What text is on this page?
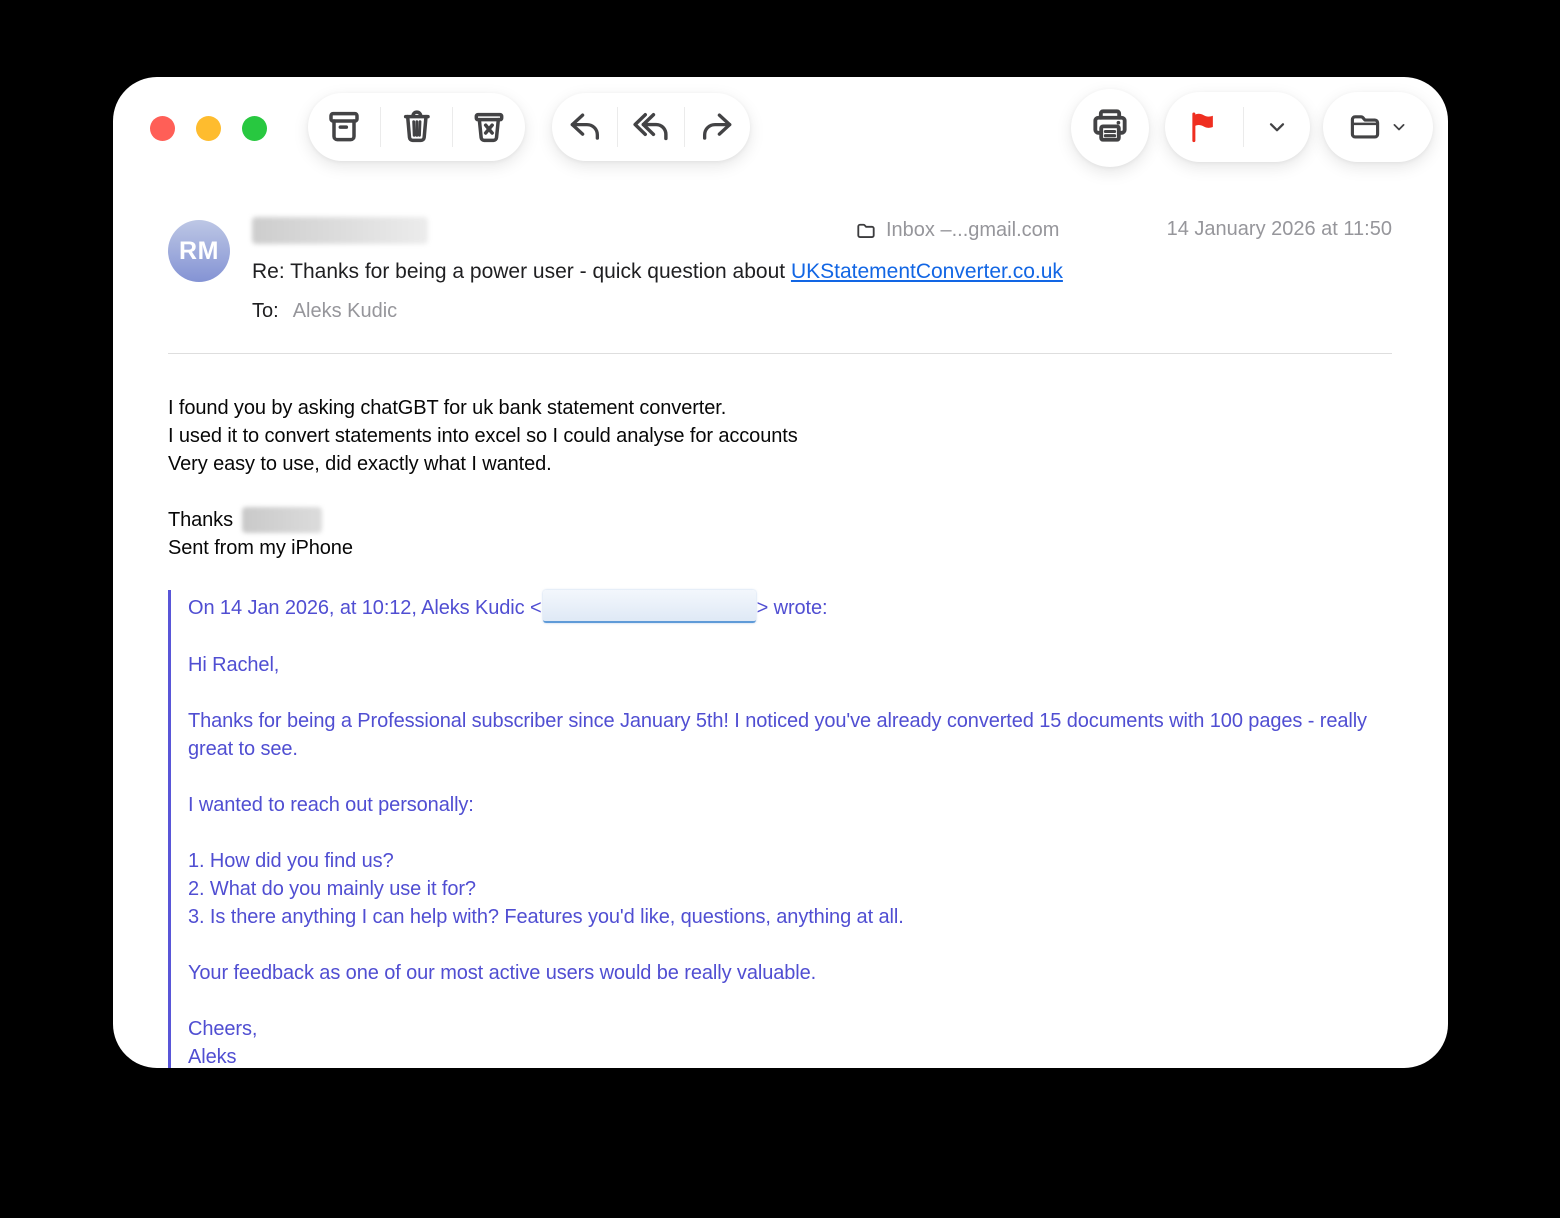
RM
Inbox –...gmail.com	14 January 2026 at 11:50
Re: Thanks for being a power user - quick question about UKStatementConverter.co.uk
To: Aleks Kudic

I found you by asking chatGBT for uk bank statement converter.
I used it to convert statements into excel so I could analyse for accounts
Very easy to use, did exactly what I wanted.

Thanks
Sent from my iPhone

On 14 Jan 2026, at 10:12, Aleks Kudic <	> wrote:

Hi Rachel,

Thanks for being a Professional subscriber since January 5th! I noticed you've already converted 15 documents with 100 pages - really great to see.

I wanted to reach out personally:

1. How did you find us?
2. What do you mainly use it for?
3. Is there anything I can help with? Features you'd like, questions, anything at all.

Your feedback as one of our most active users would be really valuable.

Cheers,
Aleks
